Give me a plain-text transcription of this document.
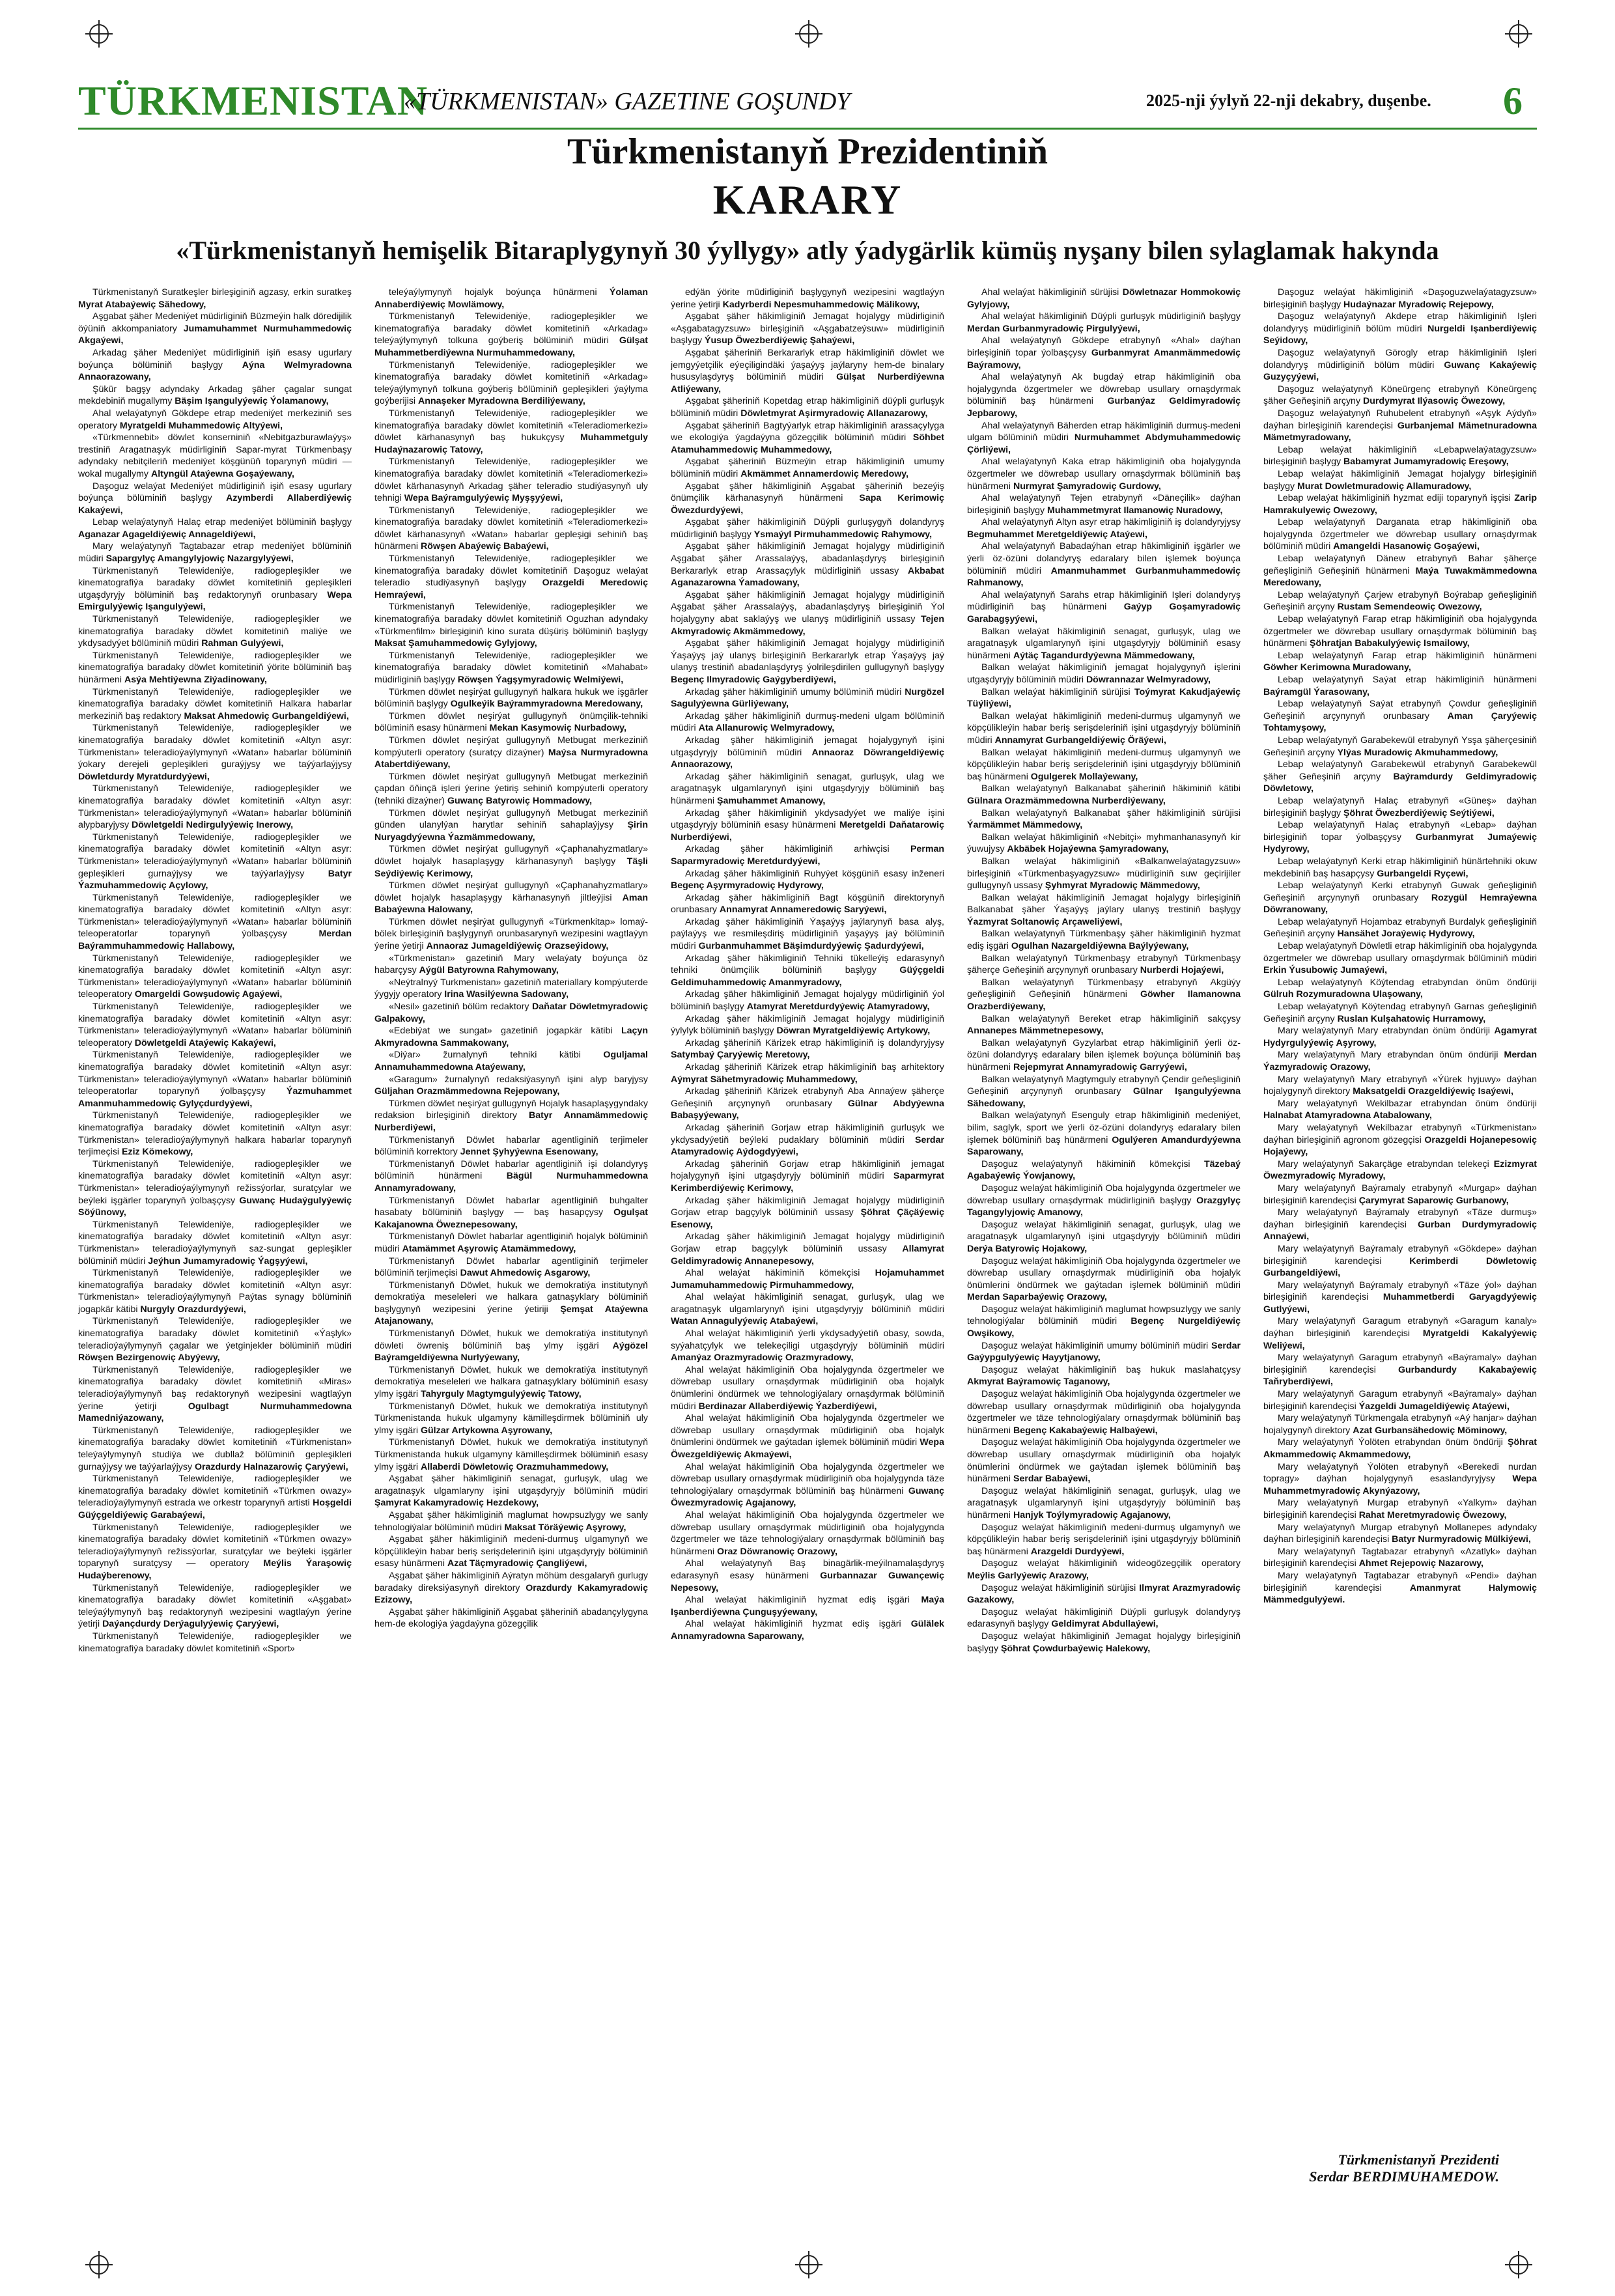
TÜRKMENISTAN
«TÜRKMENISTAN» GAZETINE GOŞUNDY	2025-nji ýylyň 22-nji dekabry, duşenbe. 6
Türkmenistanyň Prezidentiniň
KARARY
«Türkmenistanyň hemişelik Bitaraplygynyň 30 ýyllygy» atly ýadygärlik kümüş nyşany bilen sylaglamak hakynda

Türkmenistanyň Suratkeşler birleşiginiň agzasy, erkin suratkeş Myrat Atabaýewiç Sähedowy,

Aşgabat şäher Medeniýet müdirliginiň Büzmeýin halk döredijilik öýüniň akkompaniatory Jumamuhammet Nurmuhammedowiç Akgaýewi,

Arkadag şäher Medeniýet müdirliginiň işiň esasy ugurlary boýunça bölüminiň başlygy Aýna Welmyradowna Annaorazowany,

Şükür bagşy adyndaky Arkadag şäher çagalar sungat mekdebiniň mugallymy Bäşim Işangulyýewiç Ýolamanowy,

Ahal welaýatynyň Gökdepe etrap medeniýet merkeziniň ses operatory Myratgeldi Muhammedowiç Altyýewi,

«Türkmennebit» döwlet konserniniň «Nebitgazburawlaýyş» trestiniň Aragatnaşyk müdirliginiň Sapar-myrat Türkmenbaşy adyndaky nebitçileriň medeniýet köşgünüň toparynyň müdiri — wokal mugallymy Altyngül Ataýewna Goşaýewany,

Daşoguz welaýat Medeniýet müdirliginiň işiň esasy ugurlary boýunça bölüminiň başlygy Azymberdi Allaberdiýewiç Kakaýewi,

Lebap welaýatynyň Halaç etrap medeniýet bölüminiň başlygy Aganazar Agageldiýewiç Annageldiýewi,

Mary welaýatynyň Tagtabazar etrap medeniýet bölüminiň müdiri Sapargylyç Amangylyjowiç Nazargylyýewi,

Türkmenistanyň Telewideniýe, radiogepleşikler we kinematografiýa baradaky döwlet komitetiniň gepleşikleri utgaşdyryjy bölüminiň baş redaktorynyň orunbasary Wepa Emirgulyýewiç Işangulyýewi,

Türkmenistanyň Telewideniýe, radiogepleşikler we kinematografiýa baradaky döwlet komitetiniň maliýe we ykdysadyýet bölüminiň müdiri Rahman Gulyýewi,

Türkmenistanyň Telewideniýe, radiogepleşikler we kinematografiýa baradaky döwlet komitetiniň ýörite bölüminiň baş hünärmeni Asýa Mehtiýewna Ziýadinowany,

Türkmenistanyň Telewideniýe, radiogepleşikler we kinematografiýa baradaky döwlet komitetiniň Halkara habarlar merkeziniň baş redaktory Maksat Ahmedowiç Gurbangeldiýewi,

Türkmenistanyň Telewideniýe, radiogepleşikler we kinematografiýa baradaky döwlet komitetiniň «Altyn asyr: Türkmenistan» teleradioýaýlymynyň «Watan» habarlar bölüminiň ýokary derejeli gepleşikleri guraýjysy we taýýarlaýjysy Döwletdurdy Myratdurdyýewi,

Türkmenistanyň Telewideniýe, radiogepleşikler we kinematografiýa baradaky döwlet komitetiniň «Altyn asyr: Türkmenistan» teleradioýaýlymynyň «Watan» habarlar bölüminiň alypbaryjysy Döwletgeldi Nedirgulyýewiç Inerowy,

Türkmenistanyň Telewideniýe, radiogepleşikler we kinematografiýa baradaky döwlet komitetiniň «Altyn asyr: Türkmenistan» teleradioýaýlymynyň «Watan» habarlar bölüminiň gepleşikleri gurnaýjysy we taýýarlaýjysy Batyr Ýazmuhammedowiç Açylowy,

Türkmenistanyň Telewideniýe, radiogepleşikler we kinematografiýa baradaky döwlet komitetiniň «Altyn asyr: Türkmenistan» teleradioýaýlymynyň «Watan» habarlar bölüminiň teleoperatorlar toparynyň ýolbaşçysy Merdan Baýrammuhammedowiç Hallabowy,

Türkmenistanyň Telewideniýe, radiogepleşikler we kinematografiýa baradaky döwlet komitetiniň «Altyn asyr: Türkmenistan» teleradioýaýlymynyň «Watan» habarlar bölüminiň teleoperatory Omargeldi Gowşudowiç Agaýewi,

Türkmenistanyň Telewideniýe, radiogepleşikler we kinematografiýa baradaky döwlet komitetiniň «Altyn asyr: Türkmenistan» teleradioýaýlymynyň «Watan» habarlar bölüminiň teleoperatory Döwletgeldi Ataýewiç Kakaýewi,

Türkmenistanyň Telewideniýe, radiogepleşikler we kinematografiýa baradaky döwlet komitetiniň «Altyn asyr: Türkmenistan» teleradioýaýlymynyň «Watan» habarlar bölüminiň teleoperatorlar toparynyň ýolbaşçysy Ýazmuhammet Amanmuhammedowiç Gylyçdurdyýewi,

Türkmenistanyň Telewideniýe, radiogepleşikler we kinematografiýa baradaky döwlet komitetiniň «Altyn asyr: Türkmenistan» teleradioýaýlymynyň halkara habarlar toparynyň terjimeçisi Eziz Kömekowy,

Türkmenistanyň Telewideniýe, radiogepleşikler we kinematografiýa baradaky döwlet komitetiniň «Altyn asyr: Türkmenistan» teleradioýaýlymynyň režissýorlar, suratçylar we beýleki işgärler toparynyň ýolbaşçysy Guwanç Hudaýgulyýewiç Söýünowy,

Türkmenistanyň Telewideniýe, radiogepleşikler we kinematografiýa baradaky döwlet komitetiniň «Altyn asyr: Türkmenistan» teleradioýaýlymynyň saz-sungat gepleşikler bölüminiň müdiri Jeýhun Jumamyradowiç Ýagşyýewi,

Türkmenistanyň Telewideniýe, radiogepleşikler we kinematografiýa baradaky döwlet komitetiniň «Altyn asyr: Türkmenistan» teleradioýaýlymynyň Paýtas synagy bölüminiň jogapkär kätibi Nurgyly Orazdurdyýewi,

Türkmenistanyň Telewideniýe, radiogepleşikler we kinematografiýa baradaky döwlet komitetiniň «Ýaşlyk» teleradioýaýlymynyň çagalar we ýetginjekler bölüminiň müdiri Röwşen Bezirgenowiç Abyýewy,

Türkmenistanyň Telewideniýe, radiogepleşikler we kinematografiýa baradaky döwlet komitetiniň «Miras» teleradioýaýlymynyň baş redaktorynyň wezipesini wagtlaýyn ýerine ýetirji Ogulbagt Nurmuhammedowna Mamedniýazowany,

Türkmenistanyň Telewideniýe, radiogepleşikler we kinematografiýa baradaky döwlet komitetiniň «Türkmenistan» teleýaýlymynyň studiýa we dubllaž bölüminiň gepleşikleri gurnaýjysy we taýýarlaýjysy Orazdurdy Halnazarowiç Çaryýewi,

Türkmenistanyň Telewideniýe, radiogepleşikler we kinematografiýa baradaky döwlet komitetiniň «Türkmen owazy» teleradioýaýlymynyň estrada we orkestr toparynyň artisti Hoşgeldi Güýçgeldiýewiç Garabaýewi,

Türkmenistanyň Telewideniýe, radiogepleşikler we kinematografiýa baradaky döwlet komitetiniň «Türkmen owazy» teleradioýaýlymynyň režissýorlar, suratçylar we beýleki işgärler toparynyň suratçysy — operatory Meýlis Ýaraşowiç Hudaýberenowy,

Türkmenistanyň Telewideniýe, radiogepleşikler we kinematografiýa baradaky döwlet komitetiniň «Aşgabat» teleýaýlymynyň baş redaktorynyň wezipesini wagtlaýyn ýerine ýetirji Daýançdurdy Derýagulyýewiç Çaryýewi,

Türkmenistanyň Telewideniýe, radiogepleşikler we kinematografiýa baradaky döwlet komitetiniň «Sport»

teleýaýlymynyň hojalyk boýunça hünärmeni Ýolaman Annaberdiýewiç Mowlämowy,

Türkmenistanyň Telewideniýe, radiogepleşikler we kinematografiýa baradaky döwlet komitetiniň «Arkadag» teleýaýlymynyň tolkuna goýberiş bölüminiň müdiri Gülşat Muhammetberdiýewna Nurmuhammedowany,

Türkmenistanyň Telewideniýe, radiogepleşikler we kinematografiýa baradaky döwlet komitetiniň «Arkadag» teleýaýlymynyň tolkuna goýberiş bölüminiň gepleşikleri ýaýlyma goýberijisi Annaşeker Myradowna Berdiliýewany,

Türkmenistanyň Telewideniýe, radiogepleşikler we kinematografiýa baradaky döwlet komitetiniň «Teleradiomerkezi» döwlet kärhanasynyň baş hukukçysy Muhammetguly Hudaýnazarowiç Tatowy,

Türkmenistanyň Telewideniýe, radiogepleşikler we kinematografiýa baradaky döwlet komitetiniň «Teleradiomerkezi» döwlet kärhanasynyň Arkadag şäher teleradio studiýasynyň uly tehnigi Wepa Baýramgulyýewiç Myşşyýewi,

Türkmenistanyň Telewideniýe, radiogepleşikler we kinematografiýa baradaky döwlet komitetiniň «Teleradiomerkezi» döwlet kärhanasynyň «Watan» habarlar gepleşigi sehiniň baş hünärmeni Röwşen Abaýewiç Babaýewi,

Türkmenistanyň Telewideniýe, radiogepleşikler we kinematografiýa baradaky döwlet komitetiniň Daşoguz welaýat teleradio studiýasynyň başlygy Orazgeldi Meredowiç Hemraýewi,

Türkmenistanyň Telewideniýe, radiogepleşikler we kinematografiýa baradaky döwlet komitetiniň Oguzhan adyndaky «Türkmenfilm» birleşiginiň kino surata düşüriş bölüminiň başlygy Maksat Şamuhammedowiç Gylyjowy,

Türkmenistanyň Telewideniýe, radiogepleşikler we kinematografiýa baradaky döwlet komitetiniň «Mahabat» müdirliginiň başlygy Röwşen Ýagşymyradowiç Welmiýewi,

Türkmen döwlet neşirýat gullugynyň halkara hukuk we işgärler bölüminiň başlygy Ogulkeýik Baýrammyradowna Meredowany,

Türkmen döwlet neşirýat gullugynyň önümçilik-tehniki bölüminiň esasy hünärmeni Mekan Kasymowiç Nurbadowy,

Türkmen döwlet neşirýat gullugynyň Metbugat merkeziniň kompýuterli operatory (suratçy dizaýner) Maýsa Nurmyradowna Atabertdiýewany,

Türkmen döwlet neşirýat gullugynyň Metbugat merkeziniň çapdan öňinçä işleri ýerine ýetiriş sehiniň kompýuterli operatory (tehniki dizaýner) Guwanç Batyrowiç Hommadowy,

Türkmen döwlet neşirýat gullugynyň Metbugat merkeziniň günden ulanylýan harytlar sehiniň sahaplaýjysy Şirin Nuryagdyýewna Ýazmämmedowany,

Türkmen döwlet neşirýat gullugynyň «Çaphanahyzmatlary» döwlet hojalyk hasaplaşygy kärhanasynyň başlygy Täşli Seýdiýewiç Kerimowy,

Türkmen döwlet neşirýat gullugynyň «Çaphanahyzmatlary» döwlet hojalyk hasaplaşygy kärhanasynyň jiltleýjisi Aman Babaýewna Halowany,

Türkmen döwlet neşirýat gullugynyň «Türkmenkitap» lomaý-bölek birleşiginiň başlygynyň orunbasarynyň wezipesini wagtlaýyn ýerine ýetirji Annaoraz Jumageldiýewiç Orazseýidowy,

«Türkmenistan» gazetiniň Mary welaýaty boýunça öz habarçysy Aýgül Batyrowna Rahymowany,

«Neýtralnyý Turkmenistan» gazetiniň materiallary kompýuterde ýygyjy operatory Irina Wasilýewna Sadowany,

«Nesil» gazetiniň bölüm redaktory Daňatar Döwletmyradowiç Galpakowy,

«Edebiýat we sungat» gazetiniň jogapkär kätibi Laçyn Akmyradowna Sammakowany,

«Diýar» žurnalynyň tehniki kätibi Oguljamal Annamuhammedowna Ataýewany,

«Garagum» žurnalynyň redaksiýasynyň işini alyp baryjysy Güljahan Orazmämmedowna Rejepowany,

Türkmen döwlet neşirýat gullugynyň Hojalyk hasaplaşygyndaky redaksion birleşiginiň direktory Batyr Annamämmedowiç Nurberdiýewi,

Türkmenistanyň Döwlet habarlar agentliginiň terjimeler bölüminiň korrektory Jennet Şyhyýewna Esenowany,

Türkmenistanyň Döwlet habarlar agentliginiň işi dolandyryş bölüminiň hünärmeni Bägül Nurmuhammedowna Annamyradowany,

Türkmenistanyň Döwlet habarlar agentliginiň buhgalter hasabaty bölüminiň başlygy — baş hasapçysy Ogulşat Kakajanowna Öweznepesowany,

Türkmenistanyň Döwlet habarlar agentliginiň hojalyk bölüminiň müdiri Atamämmet Aşyrowiç Atamämmedowy,

Türkmenistanyň Döwlet habarlar agentliginiň terjimeler bölüminiň terjimeçisi Dawut Ahmedowiç Asgarowy,

Türkmenistanyň Döwlet, hukuk we demokratiýa institutynyň demokratiýa meseleleri we halkara gatnaşyklary bölüminiň başlygynyň wezipesini ýerine ýetiriji Şemşat Ataýewna Atajanowany,

Türkmenistanyň Döwlet, hukuk we demokratiýa institutynyň döwleti öwreniş bölüminiň baş ylmy işgäri Aýgözel Baýramgeldiýewna Nurlyýewany,

Türkmenistanyň Döwlet, hukuk we demokratiýa institutynyň demokratiýa meseleleri we halkara gatnaşyklary bölüminiň esasy ylmy işgäri Tahyrguly Magtymgulyýewiç Tatowy,

Türkmenistanyň Döwlet, hukuk we demokratiýa institutynyň Türkmenistanda hukuk ulgamyny kämilleşdirmek bölüminiň uly ylmy işgäri Gülzar Artykowna Aşyrowany,

Türkmenistanyň Döwlet, hukuk we demokratiýa institutynyň Türkmenistanda hukuk ulgamyny kämilleşdirmek bölüminiň esasy ylmy işgäri Allaberdi Döwletowiç Orazmuhammedowy,

Aşgabat şäher häkimliginiň senagat, gurluşyk, ulag we aragatnaşyk ulgamlaryny işini utgaşdyryjy bölüminiň müdiri Şamyrat Kakamyradowiç Hezdekowy,

Aşgabat şäher häkimliginiň maglumat howpsuzlygy we sanly tehnologiýalar bölüminiň müdiri Maksat Töräýewiç Aşyrowy,

Aşgabat şäher häkimliginiň medeni-durmuş ulgamynyň we köpçülikleýin habar beriş serişdeleriniň işini utgaşdyryjy bölüminiň esasy hünärmeni Azat Täçmyradowiç Çangliýewi,

Aşgabat şäher häkimliginiň Aýratyn möhüm desgalaryň gurlugy baradaky direksiýasynyň direktory Orazdurdy Kakamyradowiç Ezizowy,

Aşgabat şäher häkimliginiň Aşgabat şäheriniň abadançylygyna hem-de ekologiýa ýagdaýyna gözegçilik

edýän ýörite müdirliginiň başlygynyň wezipesini wagtlaýyn ýerine ýetirji Kadyrberdi Nepesmuhammedowiç Mälikowy,

Aşgabat şäher häkimliginiň Jemagat hojalygy müdirliginiň «Aşgabatagyzsuw» birleşiginiň «Aşgabatzeýsuw» müdirliginiň başlygy Ýusup Öwezberdiýewiç Şahaýewi,

Aşgabat şäheriniň Berkararlyk etrap häkimliginiň döwlet we jemgyýetçilik eýeçiligindäki ýaşaýyş jaýlaryny hem-de binalary hususylaşdyryş bölüminiň müdiri Gülşat Nurberdiýewna Atliýewany,

Aşgabat şäheriniň Kopetdag etrap häkimliginiň düýpli gurluşyk bölüminiň müdiri Döwletmyrat Aşirmyradowiç Allanazarowy,

Aşgabat şäheriniň Bagtyýarlyk etrap häkimliginiň arassaçylyga we ekologiýa ýagdaýyna gözegçilik bölüminiň müdiri Söhbet Atamuhammedowiç Muhammedowy,

Aşgabat şäheriniň Büzmeýin etrap häkimliginiň umumy bölüminiň müdiri Akmämmet Annamerdowiç Meredowy,

Aşgabat şäher häkimliginiň Aşgabat şäheriniň bezeýiş önümçilik kärhanasynyň hünärmeni Sapa Kerimowiç Öwezdurdyýewi,

Aşgabat şäher häkimliginiň Düýpli gurluşygyň dolandyryş müdirliginiň başlygy Ysmaýyl Pirmuhammedowiç Rahymowy,

Aşgabat şäher häkimliginiň Jemagat hojalygy müdirliginiň Aşgabat şäher Arassalaýyş, abadanlaşdyryş birleşiginiň Berkararlyk etrap Arassaçylyk müdirliginiň ussasy Akbabat Aganazarowna Ýamadowany,

Aşgabat şäher häkimliginiň Jemagat hojalygy müdirliginiň Aşgabat şäher Arassalaýyş, abadanlaşdyryş birleşiginiň Ýol hojalygyny abat saklaýyş we ulanyş müdirliginiň ussasy Tejen Akmyradowiç Akmämmedowy,

Aşgabat şäher häkimliginiň Jemagat hojalygy müdirliginiň Ýaşaýyş jaý ulanyş birleşiginiň Berkararlyk etrap Ýaşaýyş jaý ulanyş trestiniň abadanlaşdyryş ýolrileşdirilen gullugynyň başlygy Begenç Ilmyradowiç Gaýgyberdiýewi,

Arkadag şäher häkimliginiň umumy bölüminiň müdiri Nurgözel Sagulyýewna Gürliýewany,

Arkadag şäher häkimliginiň durmuş-medeni ulgam bölüminiň müdiri Ata Allanurowiç Welmyradowy,

Arkadag şäher häkimliginiň jemagat hojalygynyň işini utgaşdyryjy bölüminiň müdiri Annaoraz Döwrangeldiýewiç Annaorazowy,

Arkadag şäher häkimliginiň senagat, gurluşyk, ulag we aragatnaşyk ulgamlarynyň işini utgaşdyryjy bölüminiň baş hünärmeni Şamuhammet Amanowy,

Arkadag şäher häkimliginiň ykdysadyýet we maliýe işini utgaşdyryjy bölüminiň esasy hünärmeni Meretgeldi Daňatarowiç Nurberdiýewi,

Arkadag şäher häkimliginiň arhiwçisi Perman Saparmyradowiç Meretdurdyýewi,

Arkadag şäher häkimliginiň Ruhyýet köşgüniň esasy inženeri Begenç Aşyrmyradowiç Hydyrowy,

Arkadag şäher häkimliginiň Bagt köşgüniň direktorynyň orunbasary Annamyrat Annameredowiç Saryýewi,

Arkadag şäher häkimliginiň Ýaşaýyş jaýlarynyň basa alyş, paýlaýyş we resmileşdiriş müdirliginiň ýaşaýyş jaý bölüminiň müdiri Gurbanmuhammet Bäşimdurdyýewiç Şadurdyýewi,

Arkadag şäher häkimliginiň Tehniki tükelleýiş edarasynyň tehniki önümçilik bölüminiň başlygy Güýçgeldi Geldimuhammedowiç Amanmyradowy,

Arkadag şäher häkimliginiň Jemagat hojalygy müdirliginiň ýol bölüminiň başlygy Atamyrat Meretdurdyýewiç Atamyradowy,

Arkadag şäher häkimliginiň Jemagat hojalygy müdirliginiň ýylylyk bölüminiň başlygy Döwran Myratgeldiýewiç Artykowy,

Arkadag şäheriniň Kärizek etrap häkimliginiň iş dolandyryjysy Satymbaý Çaryýewiç Meretowy,

Arkadag şäheriniň Kärizek etrap häkimliginiň baş arhitektory Aýmyrat Sähetmyradowiç Muhammedowy,

Arkadag şäheriniň Kärizek etrabynyň Aba Annaýew şäherçe Geňeşiniň arçynynyň orunbasary Gülnar Abdyýewna Babaşyýewany,

Arkadag şäheriniň Gorjaw etrap häkimliginiň gurluşyk we ykdysadyýetiň beýleki pudaklary bölüminiň müdiri Serdar Atamyradowiç Aýdogdyýewi,

Arkadag şäheriniň Gorjaw etrap häkimliginiň jemagat hojalygynyň işini utgaşdyryjy bölüminiň müdiri Saparmyrat Kerimberdiýewiç Kerimowy,

Arkadag şäher häkimliginiň Jemagat hojalygy müdirliginiň Gorjaw etrap bagçylyk bölüminiň ussasy Şöhrat Çäçäýewiç Esenowy,

Arkadag şäher häkimliginiň Jemagat hojalygy müdirliginiň Gorjaw etrap bagçylyk bölüminiň ussasy Allamyrat Geldimyradowiç Annanepesowy,

Ahal welaýat häkiminiň kömekçisi Hojamuhammet Jumamuhammedowiç Pirmuhammedowy,

Ahal welaýat häkimliginiň senagat, gurluşyk, ulag we aragatnaşyk ulgamlarynyň işini utgaşdyryjy bölüminiň müdiri Watan Annagulyýewiç Atabaýewi,

Ahal welaýat häkimliginiň ýerli ykdysadyýetiň obasy, sowda, syýahatçylyk we telekeçiligi utgaşdyryjy bölüminiň müdiri Amanýaz Orazmyradowiç Orazmyradowy,

Ahal welaýat häkimliginiň Oba hojalygynda özgertmeler we döwrebap usullary ornaşdyrmak müdirliginiň oba hojalyk önümlerini öndürmek we tehnologiýalary ornaşdyrmak bölüminiň müdiri Berdinazar Allaberdiýewiç Ýazberdiýewi,

Ahal welaýat häkimliginiň Oba hojalygynda özgertmeler we döwrebap usullary ornaşdyrmak müdirliginiň oba hojalyk önümlerini öndürmek we gaýtadan işlemek bölüminiň müdiri Wepa Öwezgeldiýewiç Akmaýewi,

Ahal welaýat häkimliginiň Oba hojalygynda özgertmeler we döwrebap usullary ornaşdyrmak müdirliginiň oba hojalygynda täze tehnologiýalary ornaşdyrmak bölüminiň baş hünärmeni Guwanç Öwezmyradowiç Agajanowy,

Ahal welaýat häkimliginiň Oba hojalygynda özgertmeler we döwrebap usullary ornaşdyrmak müdirliginiň oba hojalygynda özgertmeler we täze tehnologiýalary ornaşdyrmak bölüminiň baş hünärmeni Oraz Döwranowiç Orazowy,

Ahal welaýatynyň Baş binagärlik-meýilnamalaşdyryş edarasynyň esasy hünärmeni Gurbannazar Guwançewiç Nepesowy,

Ahal welaýat häkimliginiň hyzmat ediş işgäri Maýa Işanberdiýewna Çunguşyýewany,

Ahal welaýat häkimliginiň hyzmat ediş işgäri Gülälek Annamyradowna Saparowany,

Ahal welaýat häkimliginiň sürüjisi Döwletnazar Hommokowiç Gylyjowy,

Ahal welaýat häkimliginiň Düýpli gurluşyk müdirliginiň başlygy Merdan Gurbanmyradowiç Pirgulyýewi,

Ahal welaýatynyň Gökdepe etrabynyň «Ahal» daýhan birleşiginiň topar ýolbaşçysy Gurbanmyrat Amanmämmedowiç Baýramowy,

Ahal welaýatynyň Ak bugdaý etrap häkimliginiň oba hojalygynda özgertmeler we döwrebap usullary ornaşdyrmak bölüminiň baş hünärmeni Gurbanýaz Geldimyradowiç Jepbarowy,

Ahal welaýatynyň Bäherden etrap häkimliginiň durmuş-medeni ulgam bölüminiň müdiri Nurmuhammet Abdymuhammedowiç Çörliýewi,

Ahal welaýatynyň Kaka etrap häkimliginiň oba hojalygynda özgertmeler we döwrebap usullary ornaşdyrmak bölüminiň baş hünärmeni Nurmyrat Şamyradowiç Gurdowy,

Ahal welaýatynyň Tejen etrabynyň «Däneçilik» daýhan birleşiginiň başlygy Muhammetmyrat Ilamanowiç Nuradowy,

Ahal welaýatynyň Altyn asyr etrap häkimliginiň iş dolandyryjysy Begmuhammet Meretgeldiýewiç Ataýewi,

Ahal welaýatynyň Babadaýhan etrap häkimliginiň işgärler we ýerli öz-özüni dolandyryş edaralary bilen işlemek boýunça bölüminiň müdiri Amanmuhammet Gurbanmuhammedowiç Rahmanowy,

Ahal welaýatynyň Sarahs etrap häkimliginiň Işleri dolandyryş müdirliginiň baş hünärmeni Gaýyp Goşamyradowiç Garabagşyýewi,

Balkan welaýat häkimliginiň senagat, gurluşyk, ulag we aragatnaşyk ulgamlarynyň işini utgaşdyryjy bölüminiň esasy hünärmeni Aýtäç Tagandurdyýewna Mämmedowany,

Balkan welaýat häkimliginiň jemagat hojalygynyň işlerini utgaşdyryjy bölüminiň müdiri Döwrannazar Welmyradowy,

Balkan welaýat häkimliginiň sürüjisi Toýmyrat Kakudjaýewiç Tüýliýewi,

Balkan welaýat häkimliginiň medeni-durmuş ulgamynyň we köpçülikleýin habar beriş serişdeleriniň işini utgaşdyryjy bölüminiň müdiri Annamyrat Gurbangeldiýewiç Öräýewi,

Balkan welaýat häkimliginiň medeni-durmuş ulgamynyň we köpçülikleýin habar beriş serişdeleriniň işini utgaşdyryjy bölüminiň baş hünärmeni Ogulgerek Mollaýewany,

Balkan welaýatynyň Balkanabat şäheriniň häkiminiň kätibi Gülnara Orazmämmedowna Nurberdiýewany,

Balkan welaýatynyň Balkanabat şäher häkimliginiň sürüjisi Ýarmämmet Mämmedowy,

Balkan welaýat häkimliginiň «Nebitçi» myhmanhanasynyň kir ýuwujysy Akbäbek Hojaýewna Şamyradowany,

Balkan welaýat häkimliginiň «Balkanwelaýatagyzsuw» birleşiginiň «Türkmenbaşyagyzsuw» müdirliginiň suw geçirijiler gullugynyň ussasy Şyhmyrat Myradowiç Mämmedowy,

Balkan welaýat häkimliginiň Jemagat hojalygy birleşiginiň Balkanabat şäher Ýaşaýyş jaýlary ulanyş trestiniň başlygy Ýazmyrat Soltanowiç Arçaweliýewi,

Balkan welaýatynyň Türkmenbaşy şäher häkimliginiň hyzmat ediş işgäri Ogulhan Nazargeldiýewna Baýlyýewany,

Balkan welaýatynyň Türkmenbaşy etrabynyň Türkmenbaşy şäherçe Geňeşiniň arçynynyň orunbasary Nurberdi Hojaýewi,

Balkan welaýatynyň Türkmenbaşy etrabynyň Akgüýy geňeşliginiň Geňeşiniň hünärmeni Göwher Ilamanowna Orazberdiýewany,

Balkan welaýatynyň Bereket etrap häkimliginiň sakçysy Annanepes Mämmetnepesowy,

Balkan welaýatynyň Gyzylarbat etrap häkimliginiň ýerli öz-özüni dolandyryş edaralary bilen işlemek boýunça bölüminiň baş hünärmeni Rejepmyrat Annamyradowiç Garryýewi,

Balkan welaýatynyň Magtymguly etrabynyň Çendir geňeşliginiň Geňeşiniň arçynynyň orunbasary Gülnar Işangulyýewna Sähedowany,

Balkan welaýatynyň Esenguly etrap häkimliginiň medeniýet, bilim, saglyk, sport we ýerli öz-özüni dolandyryş edaralary bilen işlemek bölüminiň baş hünärmeni Ogulýeren Amandurdyýewna Saparowany,

Daşoguz welaýatynyň häkiminiň kömekçisi Täzebaý Agabaýewiç Ýowjanowy,

Daşoguz welaýat häkimliginiň Oba hojalygynda özgertmeler we döwrebap usullary ornaşdyrmak müdirliginiň başlygy Orazgylyç Tagangylyjowiç Amanowy,

Daşoguz welaýat häkimliginiň senagat, gurluşyk, ulag we aragatnaşyk ulgamlarynyň işini utgaşdyryjy bölüminiň müdiri Derýa Batyrowiç Hojakowy,

Daşoguz welaýat häkimliginiň Oba hojalygynda özgertmeler we döwrebap usullary ornaşdyrmak müdirliginiň oba hojalyk önümlerini öndürmek we gaýtadan işlemek bölüminiň müdiri Merdan Saparbaýewiç Orazowy,

Daşoguz welaýat häkimliginiň maglumat howpsuzlygy we sanly tehnologiýalar bölüminiň müdiri Begenç Nurgeldiýewiç Owşikowy,

Daşoguz welaýat häkimliginiň umumy bölüminiň müdiri Serdar Gaýypgulyýewiç Hayytjanowy,

Daşoguz welaýat häkimliginiň baş hukuk maslahatçysy Akmyrat Baýramowiç Taganowy,

Daşoguz welaýat häkimliginiň Oba hojalygynda özgertmeler we döwrebap usullary ornaşdyrmak müdirliginiň oba hojalygynda özgertmeler we täze tehnologiýalary ornaşdyrmak bölüminiň baş hünärmeni Begenç Kakabaýewiç Halbaýewi,

Daşoguz welaýat häkimliginiň Oba hojalygynda özgertmeler we döwrebap usullary ornaşdyrmak müdirliginiň oba hojalyk önümlerini öndürmek we gaýtadan işlemek bölüminiň baş hünärmeni Serdar Babaýewi,

Daşoguz welaýat häkimliginiň senagat, gurluşyk, ulag we aragatnaşyk ulgamlarynyň işini utgaşdyryjy bölüminiň baş hünärmeni Hanjyk Toýlymyradowiç Agajanowy,

Daşoguz welaýat häkimliginiň medeni-durmuş ulgamynyň we köpçülikleýin habar beriş serişdeleriniň işini utgaşdyryjy bölüminiň baş hünärmeni Arazgeldi Durdyýewi,

Daşoguz welaýat häkimliginiň wideogözegçilik operatory Meýlis Garlyýewiç Arazowy,

Daşoguz welaýat häkimliginiň sürüjisi Ilmyrat Arazmyradowiç Gazakowy,

Daşoguz welaýat häkimliginiň Düýpli gurluşyk dolandyryş edarasynyň başlygy Geldimyrat Abdullaýewi,

Daşoguz welaýat häkimliginiň Jemagat hojalygy birleşiginiň başlygy Şöhrat Çowdurbaýewiç Halekowy,

Daşoguz welaýat häkimliginiň «Daşoguzwelaýatagyzsuw» birleşiginiň başlygy Hudaýnazar Myradowiç Rejepowy,

Daşoguz welaýatynyň Akdepe etrap häkimliginiň Işleri dolandyryş müdirliginiň bölüm müdiri Nurgeldi Işanberdiýewiç Seýidowy,

Daşoguz welaýatynyň Görogly etrap häkimliginiň Işleri dolandyryş müdirliginiň bölüm müdiri Guwanç Kakaýewiç Guzyçyýewi,

Daşoguz welaýatynyň Köneürgenç etrabynyň Köneürgenç şäher Geňeşiniň arçyny Durdymyrat Ilýasowiç Öwezowy,

Daşoguz welaýatynyň Ruhubelent etrabynyň «Aşyk Aýdyň» daýhan birleşiginiň karendeçisi Gurbanjemal Mämetnuradowna Mämetmyradowany,

Lebap welaýat häkimliginiň «Lebapwelaýatagyzsuw» birleşiginiň başlygy Babamyrat Jumamyradowiç Ereşowy,

Lebap welaýat häkimliginiň Jemagat hojalygy birleşiginiň başlygy Murat Dowletmuradowiç Allamuradowy,

Lebap welaýat häkimliginiň hyzmat ediji toparynyň işçisi Zarip Hamrakulyewiç Owezowy,

Lebap welaýatynyň Darganata etrap häkimliginiň oba hojalygynda özgertmeler we döwrebap usullary ornaşdyrmak bölüminiň müdiri Amangeldi Hasanowiç Goşaýewi,

Lebap welaýatynyň Dänew etrabynyň Bahar şäherçe geňeşliginiň Geňeşiniň hünärmeni Maýa Tuwakmämmedowna Meredowany,

Lebap welaýatynyň Çarjew etrabynyň Boýrabap geňeşliginiň Geňeşiniň arçyny Rustam Semendeowiç Owezowy,

Lebap welaýatynyň Farap etrap häkimliginiň oba hojalygynda özgertmeler we döwrebap usullary ornaşdyrmak bölüminiň baş hünärmeni Şöhratjan Babakulyýewiç Ismailowy,

Lebap welaýatynyň Farap etrap häkimliginiň hünärmeni Göwher Kerimowna Muradowany,

Lebap welaýatynyň Saýat etrap häkimliginiň hünärmeni Baýramgül Ýarasowany,

Lebap welaýatynyň Saýat etrabynyň Çowdur geňeşliginiň Geňeşiniň arçynynyň orunbasary Aman Çaryýewiç Tohtamyşowy,

Lebap welaýatynyň Garabekewül etrabynyň Ysşa şäherçesiniň Geňeşiniň arçyny Ylýas Muradowiç Akmuhammedowy,

Lebap welaýatynyň Garabekewül etrabynyň Garabekewül şäher Geňeşiniň arçyny Baýramdurdy Geldimyradowiç Döwletowy,

Lebap welaýatynyň Halaç etrabynyň «Güneş» daýhan birleşiginiň başlygy Şöhrat Öwezberdiýewiç Seýtiýewi,

Lebap welaýatynyň Halaç etrabynyň «Lebap» daýhan birleşiginiň topar ýolbaşçysy Gurbanmyrat Jumaýewiç Hydyrowy,

Lebap welaýatynyň Kerki etrap häkimliginiň hünärtehniki okuw mekdebiniň baş hasapçysy Gurbangeldi Ryçewi,

Lebap welaýatynyň Kerki etrabynyň Guwak geňeşliginiň Geňeşiniň arçynynyň orunbasary Rozygül Hemraýewna Döwranowany,

Lebap welaýatynyň Hojambaz etrabynyň Burdalyk geňeşliginiň Geňeşiniň arçyny Hansähet Joraýewiç Hydyrowy,

Lebap welaýatynyň Döwletli etrap häkimliginiň oba hojalygynda özgertmeler we döwrebap usullary ornaşdyrmak bölüminiň müdiri Erkin Ýusubowiç Jumaýewi,

Lebap welaýatynyň Köýtendag etrabyndan önüm öndüriji Gülruh Rozymuradowna Ulaşowany,

Lebap welaýatynyň Köýtendag etrabynyň Garnas geňeşliginiň Geňeşiniň arçyny Ruslan Kulşahatowiç Hurramowy,

Mary welaýatynyň Mary etrabyndan önüm öndüriji Agamyrat Hydyrgulyýewiç Aşyrowy,

Mary welaýatynyň Mary etrabyndan önüm öndüriji Merdan Ýazmyradowiç Orazowy,

Mary welaýatynyň Mary etrabynyň «Ýürek hyjuwy» daýhan hojalygynyň direktory Maksatgeldi Orazgeldiýewiç Isaýewi,

Mary welaýatynyň Wekilbazar etrabyndan önüm öndüriji Halnabat Atamyradowna Atabalowany,

Mary welaýatynyň Wekilbazar etrabynyň «Türkmenistan» daýhan birleşiginiň agronom gözegçisi Orazgeldi Hojanepesowiç Hojaýewy,

Mary welaýatynyň Sakarçäge etrabyndan telekeçi Ezizmyrat Öwezmyradowiç Myradowy,

Mary welaýatynyň Baýramaly etrabynyň «Murgap» daýhan birleşiginiň karendeçisi Çarymyrat Saparowiç Gurbanowy,

Mary welaýatynyň Baýramaly etrabynyň «Täze durmuş» daýhan birleşiginiň karendeçisi Gurban Durdymyradowiç Annaýewi,

Mary welaýatynyň Baýramaly etrabynyň «Gökdepe» daýhan birleşiginiň karendeçisi Kerimberdi Döwletowiç Gurbangeldiýewi,

Mary welaýatynyň Baýramaly etrabynyň «Täze ýol» daýhan birleşiginiň karendeçisi Muhammetberdi Garyagdyýewiç Gutlyýewi,

Mary welaýatynyň Garagum etrabynyň «Garagum kanaly» daýhan birleşiginiň karendeçisi Myratgeldi Kakalyýewiç Weliýewi,

Mary welaýatynyň Garagum etrabynyň «Baýramaly» daýhan birleşiginiň karendeçisi Gurbandurdy Kakabaýewiç Taňryberdiýewi,

Mary welaýatynyň Garagum etrabynyň «Baýramaly» daýhan birleşiginiň karendeçisi Ýazgeldi Jumageldiýewiç Ataýewi,

Mary welaýatynyň Türkmengala etrabynyň «Aý hanjar» daýhan hojalygynyň direktory Azat Gurbansähedowiç Möminowy,

Mary welaýatynyň Ýolöten etrabyndan önüm öndüriji Şöhrat Akmammedowiç Akmammedowy,

Mary welaýatynyň Ýolöten etrabynyň «Berekedi nurdan topragy» daýhan hojalygynyň esaslandyryjysy Wepa Muhammetmyradowiç Akynýazowy,

Mary welaýatynyň Murgap etrabynyň «Yalkym» daýhan birleşiginiň karendeçisi Rahat Meretmyradowiç Öwezowy,

Mary welaýatynyň Murgap etrabynyň Mollanepes adyndaky daýhan birleşiginiň karendeçisi Batyr Nurmyradowiç Mülkiýewi,

Mary welaýatynyň Tagtabazar etrabynyň «Azatlyk» daýhan birleşiginiň karendeçisi Ahmet Rejepowiç Nazarowy,

Mary welaýatynyň Tagtabazar etrabynyň «Pendi» daýhan birleşiginiň karendeçisi Amanmyrat Halymowiç Mämmedgulyýewi.

Türkmenistanyň Prezidenti
Serdar BERDIMUHAMEDOW.
